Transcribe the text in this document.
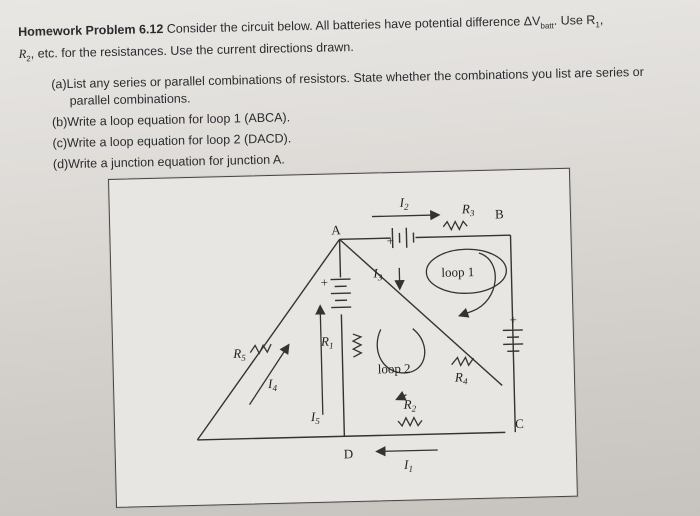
Homework Problem 6.12 Consider the circuit below. All batteries have potential difference $\Delta V_{batt}$. Use $R_1$,
$R_2$, etc. for the resistances. Use the current directions drawn.
(a)List any series or parallel combinations of resistors. State whether the combinations you list are series or
parallel combinations.
(b)Write a loop equation for loop 1 (ABCA).
(c)Write a loop equation for loop 2 (DACD).
(d)Write a junction equation for junction A.
+
+
+
A
B
C
D
$R_3$
$R_1$
$R_5$
$R_4$
$R_2$
$I_2$
$I_3$
$I_5$
$I_4$
$I_1$
loop 1
loop 2
